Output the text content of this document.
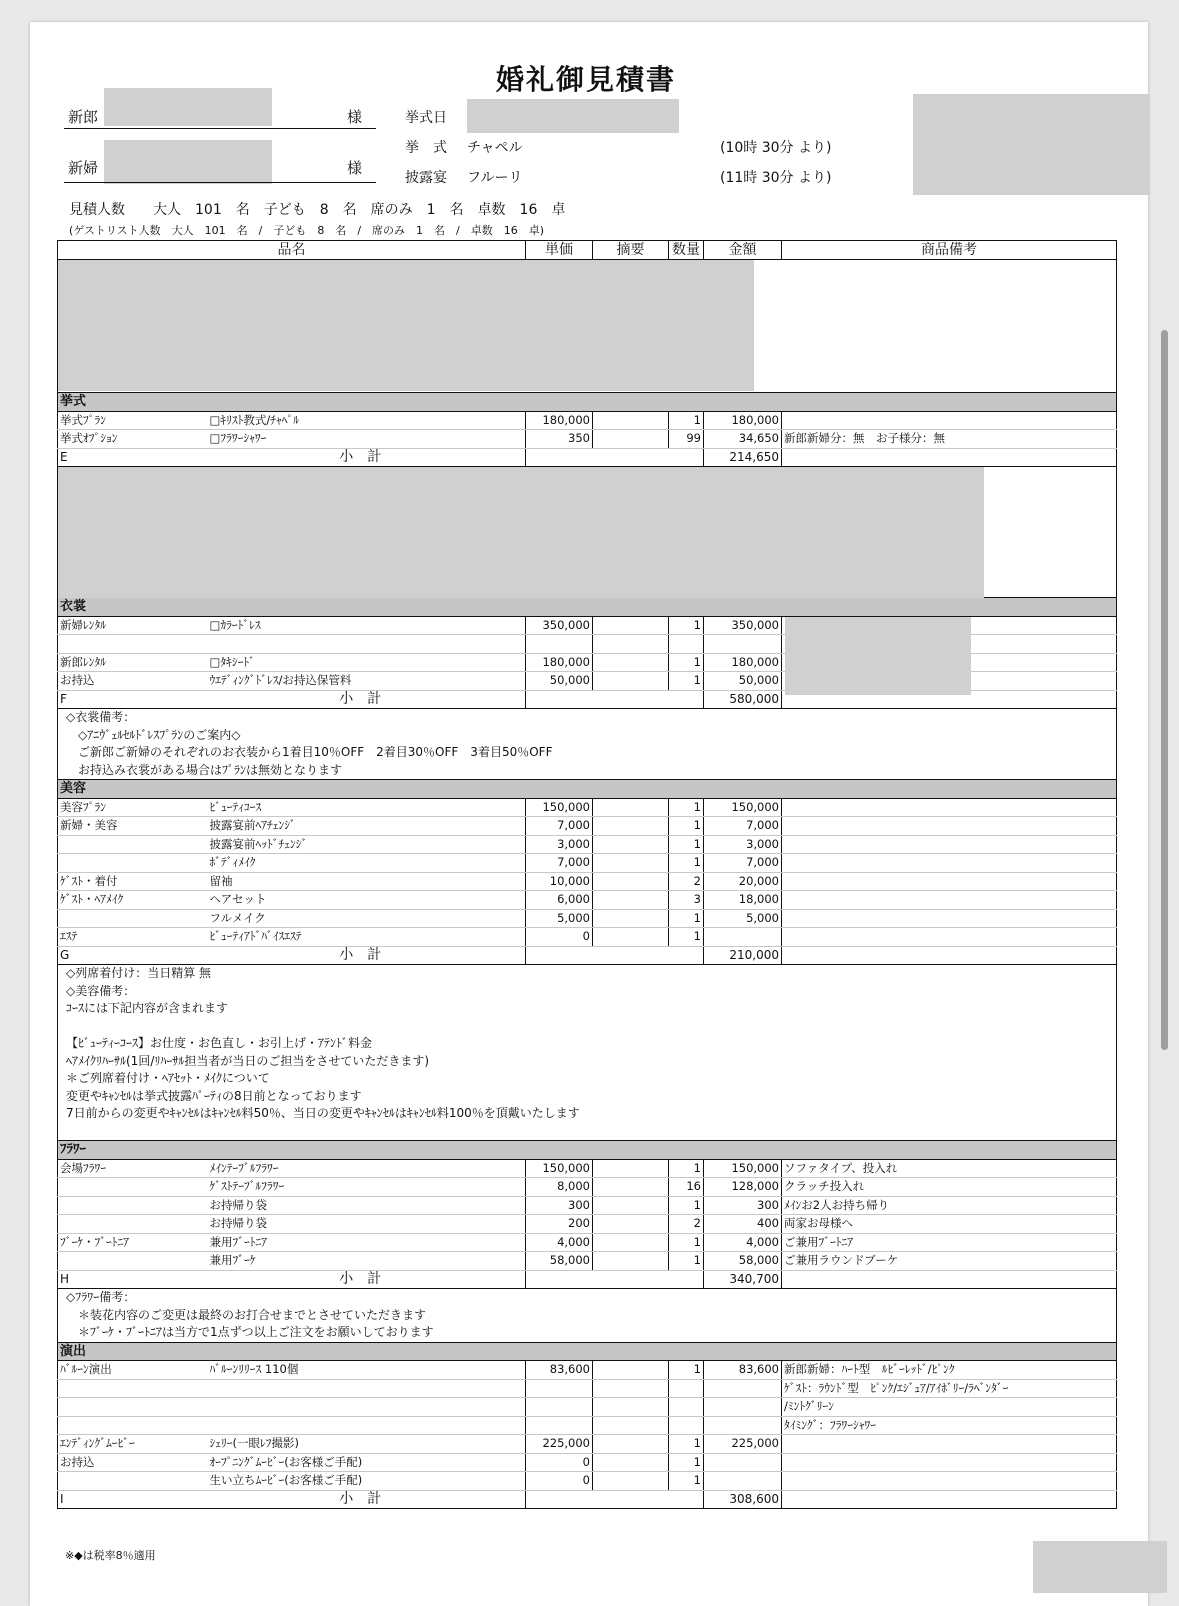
婚礼御見積書
新郎	様
新婦	様
挙式日
挙　式 チャペル	(10時 30分 より)
披露宴 フルーリ	(11時 30分 より)
見積人数　　大人　101　名　子ども　8　名　席のみ　1　名　卓数　16　卓
(ゲストリスト人数　大人　101　名　/　子ども　8　名　/　席のみ　1　名　/　卓数　16　卓)
品名		単価	摘要	数量	金額	商品備考

挙式						
挙式ﾌﾟﾗﾝ	□ｷﾘｽﾄ教式/ﾁｬﾍﾟﾙ	180,000		1	180,000	
挙式ｵﾌﾟｼｮﾝ	□ﾌﾗﾜｰｼｬﾜｰ	350		99	34,650	新郎新婦分：無　お子様分：無
E	小　計				214,650	

衣裳						
新婦ﾚﾝﾀﾙ	□ｶﾗｰﾄﾞﾚｽ	350,000		1	350,000	

新郎ﾚﾝﾀﾙ	□ﾀｷｼｰﾄﾞ	180,000		1	180,000	
お持込	ｳｴﾃﾞｨﾝｸﾞﾄﾞﾚｽ/お持込保管料	50,000		1	50,000	
F	小　計				580,000	
◇衣裳備考：						
　◇ｱﾆｳﾞｪﾙｾﾙﾄﾞﾚｽﾌﾟﾗﾝのご案内◇						
　ご新郎ご新婦のそれぞれのお衣装から1着目10％OFF　2着目30％OFF　3着目50％OFF						
　お持込み衣裳がある場合はﾌﾟﾗﾝは無効となります						
美容						
美容ﾌﾟﾗﾝ	ﾋﾞｭｰﾃｨｺｰｽ	150,000		1	150,000	
新婦・美容	披露宴前ﾍｱﾁｪﾝｼﾞ	7,000		1	7,000	
	披露宴前ﾍｯﾄﾞﾁｪﾝｼﾞ	3,000		1	3,000	
	ﾎﾞﾃﾞｨﾒｲｸ	7,000		1	7,000	
ｹﾞｽﾄ・着付	留袖	10,000		2	20,000	
ｹﾞｽﾄ・ﾍｱﾒｲｸ	ヘアセット	6,000		3	18,000	
	フルメイク	5,000		1	5,000	
ｴｽﾃ	ﾋﾞｭｰﾃｨｱﾄﾞﾊﾞｲｽｴｽﾃ	0		1		
G	小　計				210,000	
◇列席着付け：当日精算 無						
◇美容備考：						
ｺｰｽには下記内容が含まれます						

【ﾋﾞｭｰﾃｨｰｺｰｽ】お仕度・お色直し・お引上げ・ｱﾃﾝﾄﾞ料金						
ﾍｱﾒｲｸﾘﾊｰｻﾙ(1回/ﾘﾊｰｻﾙ担当者が当日のご担当をさせていただきます)						
＊ご列席着付け・ﾍｱｾｯﾄ・ﾒｲｸについて						
変更やｷｬﾝｾﾙは挙式披露ﾊﾟｰﾃｨの8日前となっております						
7日前からの変更やｷｬﾝｾﾙはｷｬﾝｾﾙ料50％、当日の変更やｷｬﾝｾﾙはｷｬﾝｾﾙ料100％を頂戴いたします						

ﾌﾗﾜｰ						
会場ﾌﾗﾜｰ	ﾒｲﾝﾃｰﾌﾞﾙﾌﾗﾜｰ	150,000		1	150,000	ソファタイプ、投入れ
	ｹﾞｽﾄﾃｰﾌﾞﾙﾌﾗﾜｰ	8,000		16	128,000	クラッチ投入れ
	お持帰り袋	300		1	300	ﾒｲﾝお2人お持ち帰り
	お持帰り袋	200		2	400	両家お母様へ
ﾌﾞｰｹ・ﾌﾞｰﾄﾆｱ	兼用ﾌﾞｰﾄﾆｱ	4,000		1	4,000	ご兼用ﾌﾞｰﾄﾆｱ
	兼用ﾌﾞｰｹ	58,000		1	58,000	ご兼用ラウンドブーケ
H	小　計				340,700	
◇ﾌﾗﾜｰ備考：						
　＊装花内容のご変更は最終のお打合せまでとさせていただきます						
　＊ﾌﾞｰｹ・ﾌﾞｰﾄﾆｱは当方で1点ずつ以上ご注文をお願いしております						
演出						
ﾊﾞﾙｰﾝ演出	ﾊﾞﾙｰﾝﾘﾘｰｽ 110個	83,600		1	83,600	新郎新婦：ﾊｰﾄ型　ﾙﾋﾞｰﾚｯﾄﾞ/ﾋﾟﾝｸ
						ｹﾞｽﾄ：ﾗｳﾝﾄﾞ型　ﾋﾟﾝｸ/ｴｼﾞｭｱ/ｱｲﾎﾞﾘｰ/ﾗﾍﾞﾝﾀﾞｰ
						/ﾐﾝﾄｸﾞﾘｰﾝ
						ﾀｲﾐﾝｸﾞ：ﾌﾗﾜｰｼｬﾜｰ
ｴﾝﾃﾞｨﾝｸﾞﾑｰﾋﾞｰ	ｼｪﾘｰ(一眼ﾚﾌ撮影)	225,000		1	225,000	
お持込	ｵｰﾌﾟﾆﾝｸﾞﾑｰﾋﾞｰ(お客様ご手配)	0		1		
	生い立ちﾑｰﾋﾞｰ(お客様ご手配)	0		1		
I	小　計				308,600	
※◆は税率8％適用
